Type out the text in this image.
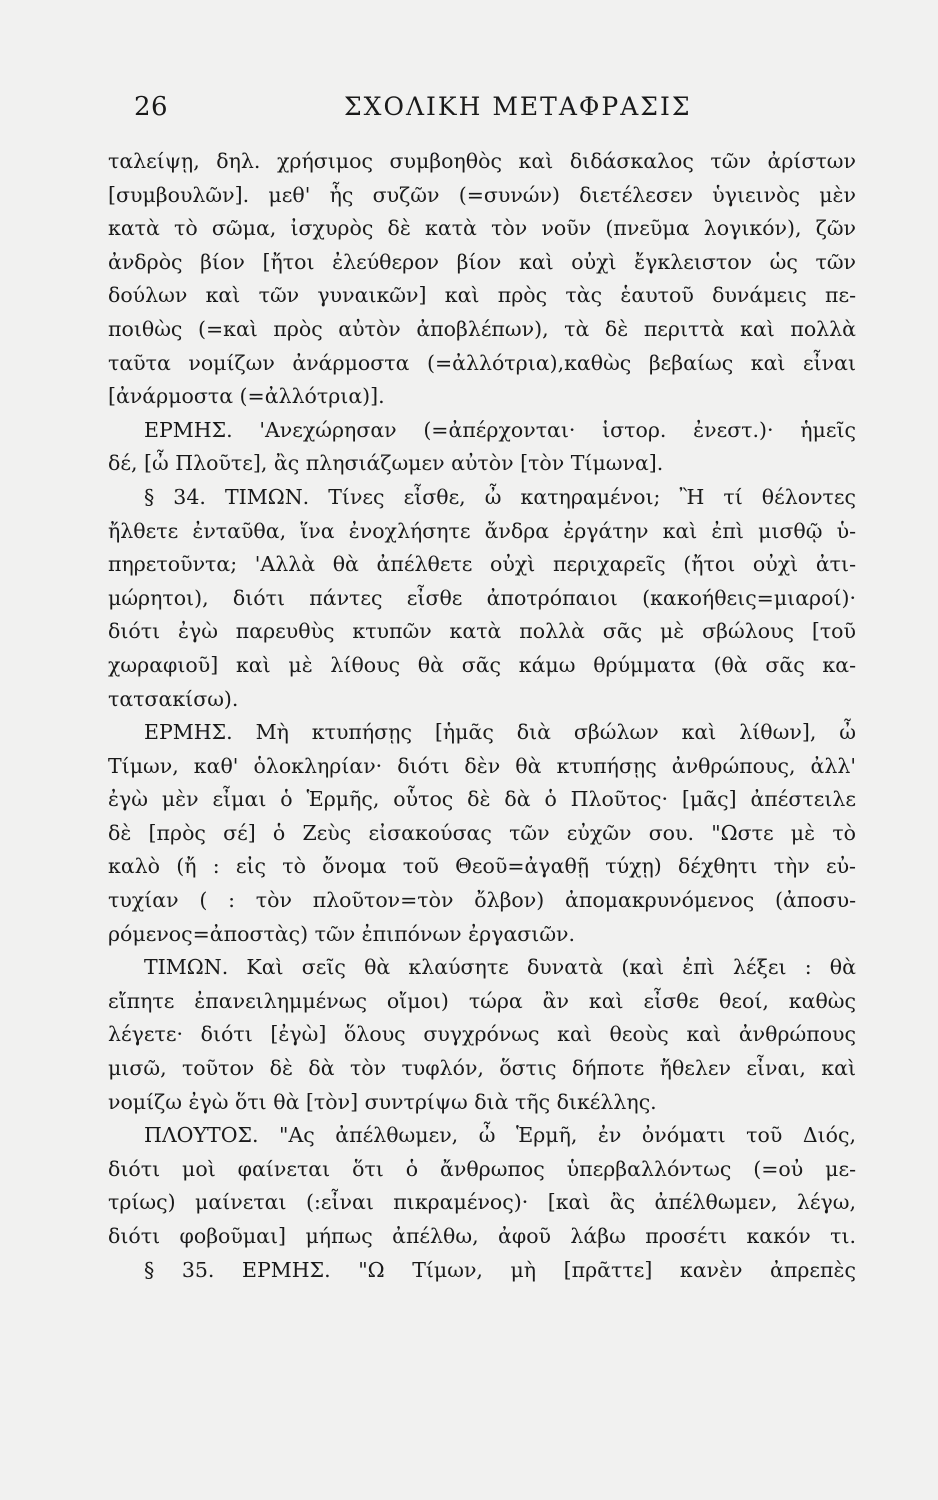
26	ΣΧΟΛΙΚΗ ΜΕΤΑΦΡΑΣΙΣ
ταλείψῃ, δηλ. χρήσιμος συμβοηθὸς καὶ διδάσκαλος τῶν ἀρίστων
[συμβουλῶν]. μεθ' ἧς συζῶν (=συνών) διετέλεσεν ὑγιεινὸς μὲν
κατὰ τὸ σῶμα, ἰσχυρὸς δὲ κατὰ τὸν νοῦν (πνεῦμα λογικόν), ζῶν
ἀνδρὸς βίον [ἤτοι ἐλεύθερον βίον καὶ οὐχὶ ἔγκλειστον ὡς τῶν
δούλων καὶ τῶν γυναικῶν] καὶ πρὸς τὰς ἑαυτοῦ δυνάμεις πε-
ποιθὼς (=καὶ πρὸς αὐτὸν ἀποβλέπων), τὰ δὲ περιττὰ καὶ πολλὰ
ταῦτα νομίζων ἀνάρμοστα (=ἀλλότρια),καθὼς βεβαίως καὶ εἶναι
[ἀνάρμοστα (=ἀλλότρια)].
ΕΡΜΗΣ. 'Ανεχώρησαν (=ἀπέρχονται· ἱστορ. ἐνεστ.)· ἡμεῖς
δέ, [ὦ Πλοῦτε], ἂς πλησιάζωμεν αὐτὸν [τὸν Τίμωνα].
§ 34. ΤΙΜΩΝ. Τίνες εἶσθε, ὦ κατηραμένοι; Ἢ τί θέλοντες
ἤλθετε ἐνταῦθα, ἵνα ἐνοχλήσητε ἄνδρα ἐργάτην καὶ ἐπὶ μισθῷ ὑ-
πηρετοῦντα; 'Αλλὰ θὰ ἀπέλθετε οὐχὶ περιχαρεῖς (ἤτοι οὐχὶ ἀτι-
μώρητοι), διότι πάντες εἶσθε ἀποτρόπαιοι (κακοήθεις=μιαροί)·
διότι ἐγὼ παρευθὺς κτυπῶν κατὰ πολλὰ σᾶς μὲ σβώλους [τοῦ
χωραφιοῦ] καὶ μὲ λίθους θὰ σᾶς κάμω θρύμματα (θὰ σᾶς κα-
τατσακίσω).
ΕΡΜΗΣ. Μὴ κτυπήσῃς [ἡμᾶς διὰ σβώλων καὶ λίθων], ὦ
Τίμων, καθ' ὁλοκληρίαν· διότι δὲν θὰ κτυπήσῃς ἀνθρώπους, ἀλλ'
ἐγὼ μὲν εἶμαι ὁ Ἑρμῆς, οὗτος δὲ δὰ ὁ Πλοῦτος· [μᾶς] ἀπέστειλε
δὲ [πρὸς σέ] ὁ Ζεὺς εἰσακούσας τῶν εὐχῶν σου. "Ωστε μὲ τὸ
καλὸ (ἤ : εἰς τὸ ὄνομα τοῦ Θεοῦ=ἀγαθῇ τύχῃ) δέχθητι τὴν εὐ-
τυχίαν ( : τὸν πλοῦτον=τὸν ὄλβον) ἀπομακρυνόμενος (ἀποσυ-
ρόμενος=ἀποστὰς) τῶν ἐπιπόνων ἐργασιῶν.
ΤΙΜΩΝ. Καὶ σεῖς θὰ κλαύσητε δυνατὰ (καὶ ἐπὶ λέξει : θὰ
εἴπητε ἐπανειλημμένως οἴμοι) τώρα ἂν καὶ εἶσθε θεοί, καθὼς
λέγετε· διότι [ἐγὼ] ὅλους συγχρόνως καὶ θεοὺς καὶ ἀνθρώπους
μισῶ, τοῦτον δὲ δὰ τὸν τυφλόν, ὅστις δήποτε ἤθελεν εἶναι, καὶ
νομίζω ἐγὼ ὅτι θὰ [τὸν] συντρίψω διὰ τῆς δικέλλης.
ΠΛΟΥΤΟΣ. "Ας ἀπέλθωμεν, ὦ Ἑρμῆ, ἐν ὀνόματι τοῦ Διός,
διότι μοὶ φαίνεται ὅτι ὁ ἄνθρωπος ὑπερβαλλόντως (=οὐ με-
τρίως) μαίνεται (:εἶναι πικραμένος)· [καὶ ἂς ἀπέλθωμεν, λέγω,
διότι φοβοῦμαι] μήπως ἀπέλθω, ἀφοῦ λάβω προσέτι κακόν τι.
§ 35. ΕΡΜΗΣ. "Ω Τίμων, μὴ [πρᾶττε] κανὲν ἀπρεπὲς
